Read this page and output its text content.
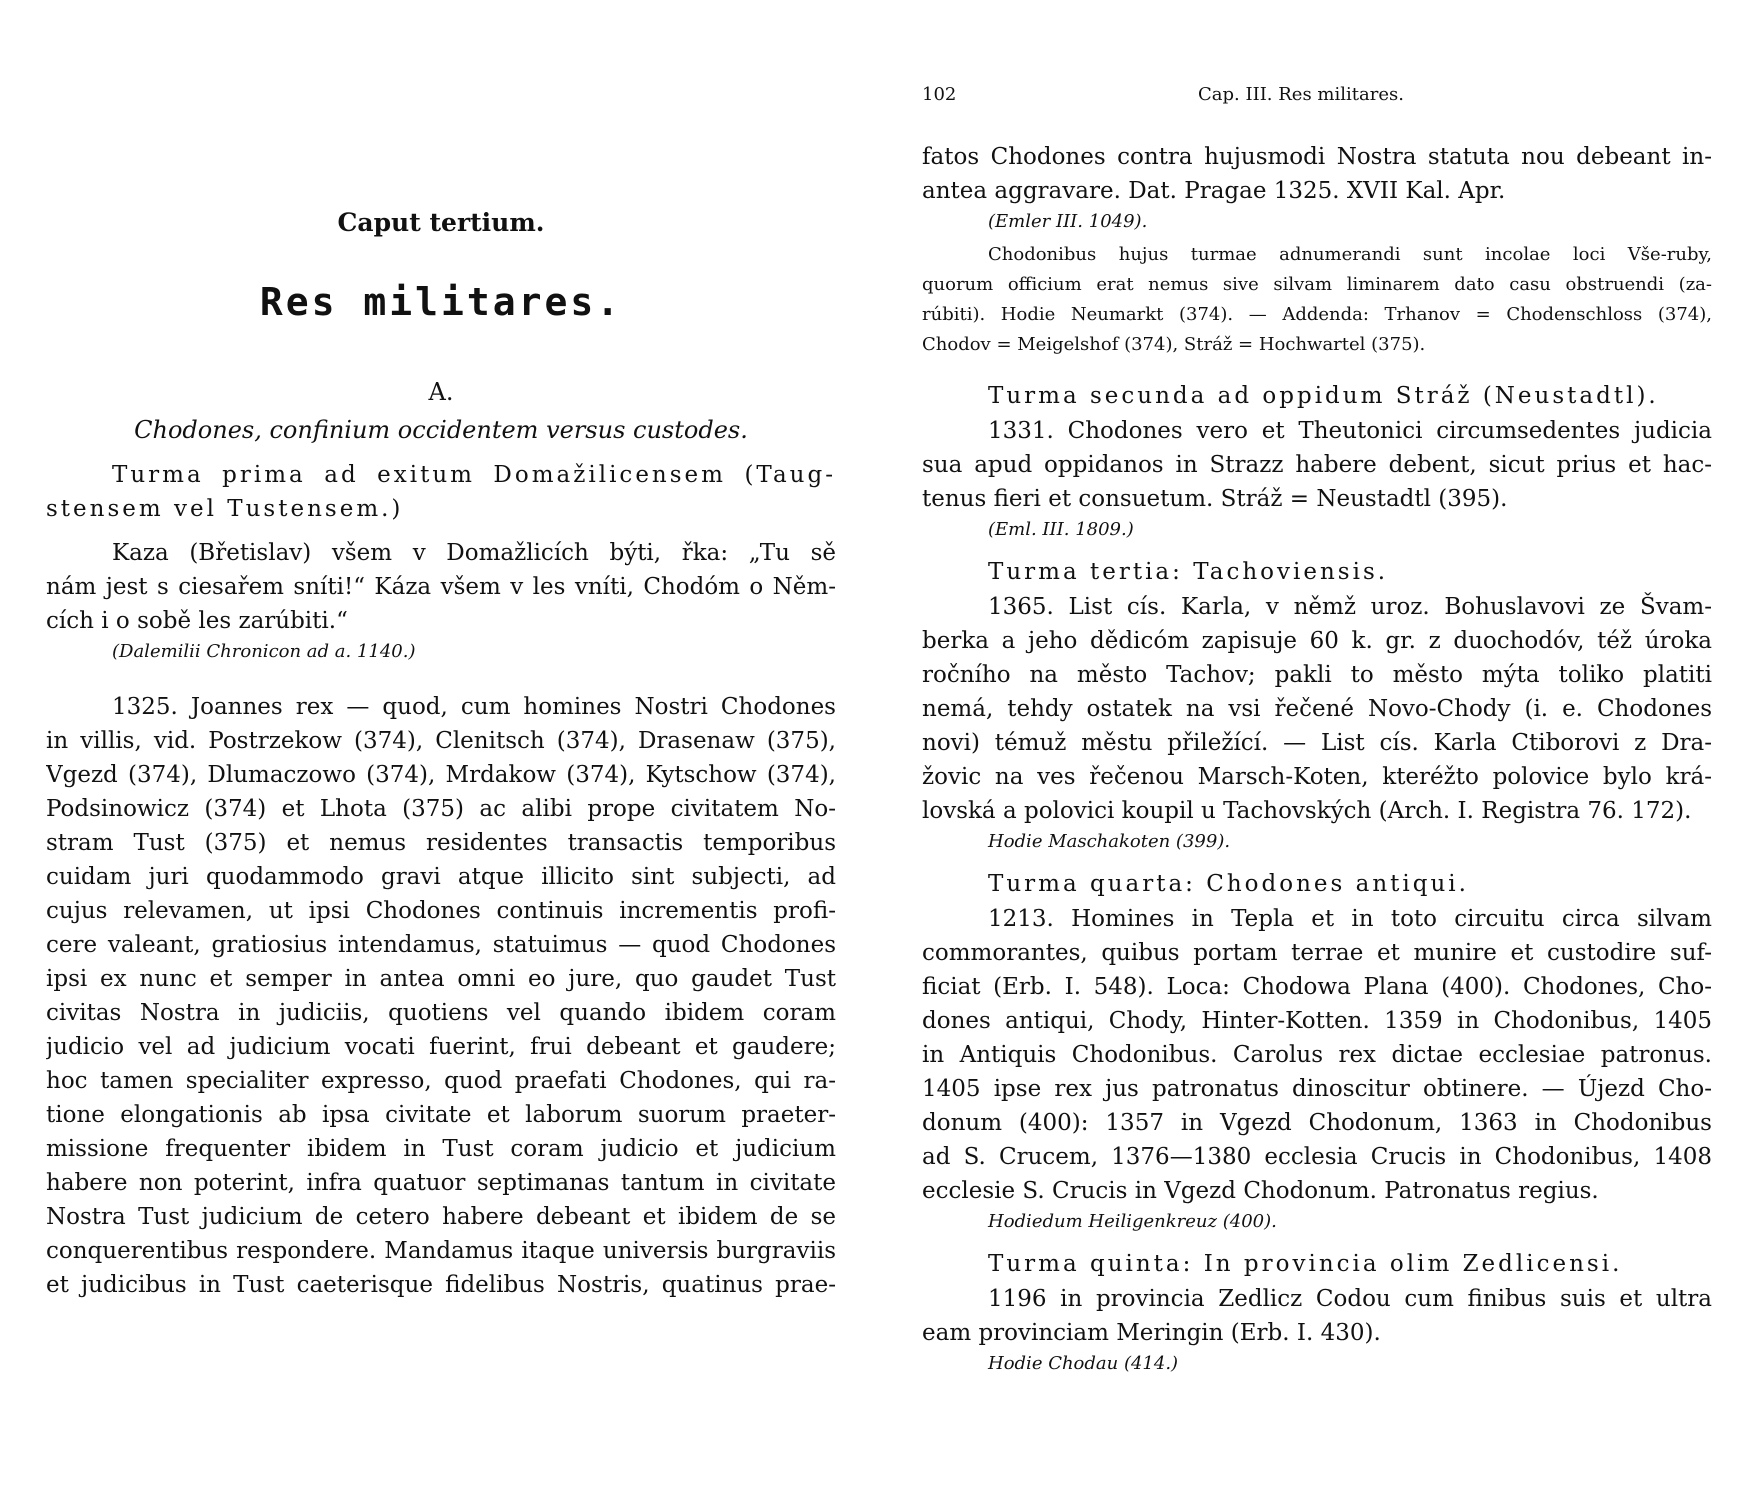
Caput tertium.
Res militares.
A.
Chodones, confinium occidentem versus custodes.
Turma prima ad exitum Domažilicensem (Taug-
stensem vel Tustensem.)
Kaza (Břetislav) všem v Domažlicích býti, řka: „Tu sě
nám jest s ciesařem sníti!“ Káza všem v les vníti, Chodóm o Něm-
cích i o sobě les zarúbiti.“
(Dalemilii Chronicon ad a. 1140.)
1325. Joannes rex — quod, cum homines Nostri Chodones
in villis, vid. Postrzekow (374), Clenitsch (374), Drasenaw (375),
Vgezd (374), Dlumaczowo (374), Mrdakow (374), Kytschow (374),
Podsinowicz (374) et Lhota (375) ac alibi prope civitatem No-
stram Tust (375) et nemus residentes transactis temporibus
cuidam juri quodammodo gravi atque illicito sint subjecti, ad
cujus relevamen, ut ipsi Chodones continuis incrementis profi-
cere valeant, gratiosius intendamus, statuimus — quod Chodones
ipsi ex nunc et semper in antea omni eo jure, quo gaudet Tust
civitas Nostra in judiciis, quotiens vel quando ibidem coram
judicio vel ad judicium vocati fuerint, frui debeant et gaudere;
hoc tamen specialiter expresso, quod praefati Chodones, qui ra-
tione elongationis ab ipsa civitate et laborum suorum praeter-
missione frequenter ibidem in Tust coram judicio et judicium
habere non poterint, infra quatuor septimanas tantum in civitate
Nostra Tust judicium de cetero habere debeant et ibidem de se
conquerentibus respondere. Mandamus itaque universis burgraviis
et judicibus in Tust caeterisque fidelibus Nostris, quatinus prae-
102	Cap. III. Res militares.
fatos Chodones contra hujusmodi Nostra statuta nou debeant in-
antea aggravare. Dat. Pragae 1325. XVII Kal. Apr.
(Emler III. 1049).
Chodonibus hujus turmae adnumerandi sunt incolae loci Vše-ruby,
quorum officium erat nemus sive silvam liminarem dato casu obstruendi (za-
rúbiti). Hodie Neumarkt (374). — Addenda: Trhanov = Chodenschloss (374),
Chodov = Meigelshof (374), Stráž = Hochwartel (375).
Turma secunda ad oppidum Stráž (Neustadtl).
1331. Chodones vero et Theutonici circumsedentes judicia
sua apud oppidanos in Strazz habere debent, sicut prius et hac-
tenus fieri et consuetum. Stráž = Neustadtl (395).
(Eml. III. 1809.)
Turma tertia: Tachoviensis.
1365. List cís. Karla, v němž uroz. Bohuslavovi ze Švam-
berka a jeho dědicóm zapisuje 60 k. gr. z duochodóv, též úroka
ročního na město Tachov; pakli to město mýta toliko platiti
nemá, tehdy ostatek na vsi řečené Novo-Chody (i. e. Chodones
novi) témuž městu přiležící. — List cís. Karla Ctiborovi z Dra-
žovic na ves řečenou Marsch-Koten, kteréžto polovice bylo krá-
lovská a polovici koupil u Tachovských (Arch. I. Registra 76. 172).
Hodie Maschakoten (399).
Turma quarta: Chodones antiqui.
1213. Homines in Tepla et in toto circuitu circa silvam
commorantes, quibus portam terrae et munire et custodire suf-
ficiat (Erb. I. 548). Loca: Chodowa Plana (400). Chodones, Cho-
dones antiqui, Chody, Hinter-Kotten. 1359 in Chodonibus, 1405
in Antiquis Chodonibus. Carolus rex dictae ecclesiae patronus.
1405 ipse rex jus patronatus dinoscitur obtinere. — Újezd Cho-
donum (400): 1357 in Vgezd Chodonum, 1363 in Chodonibus
ad S. Crucem, 1376—1380 ecclesia Crucis in Chodonibus, 1408
ecclesie S. Crucis in Vgezd Chodonum. Patronatus regius.
Hodiedum Heiligenkreuz (400).
Turma quinta: In provincia olim Zedlicensi.
1196 in provincia Zedlicz Codou cum finibus suis et ultra
eam provinciam Meringin (Erb. I. 430).
Hodie Chodau (414.)
